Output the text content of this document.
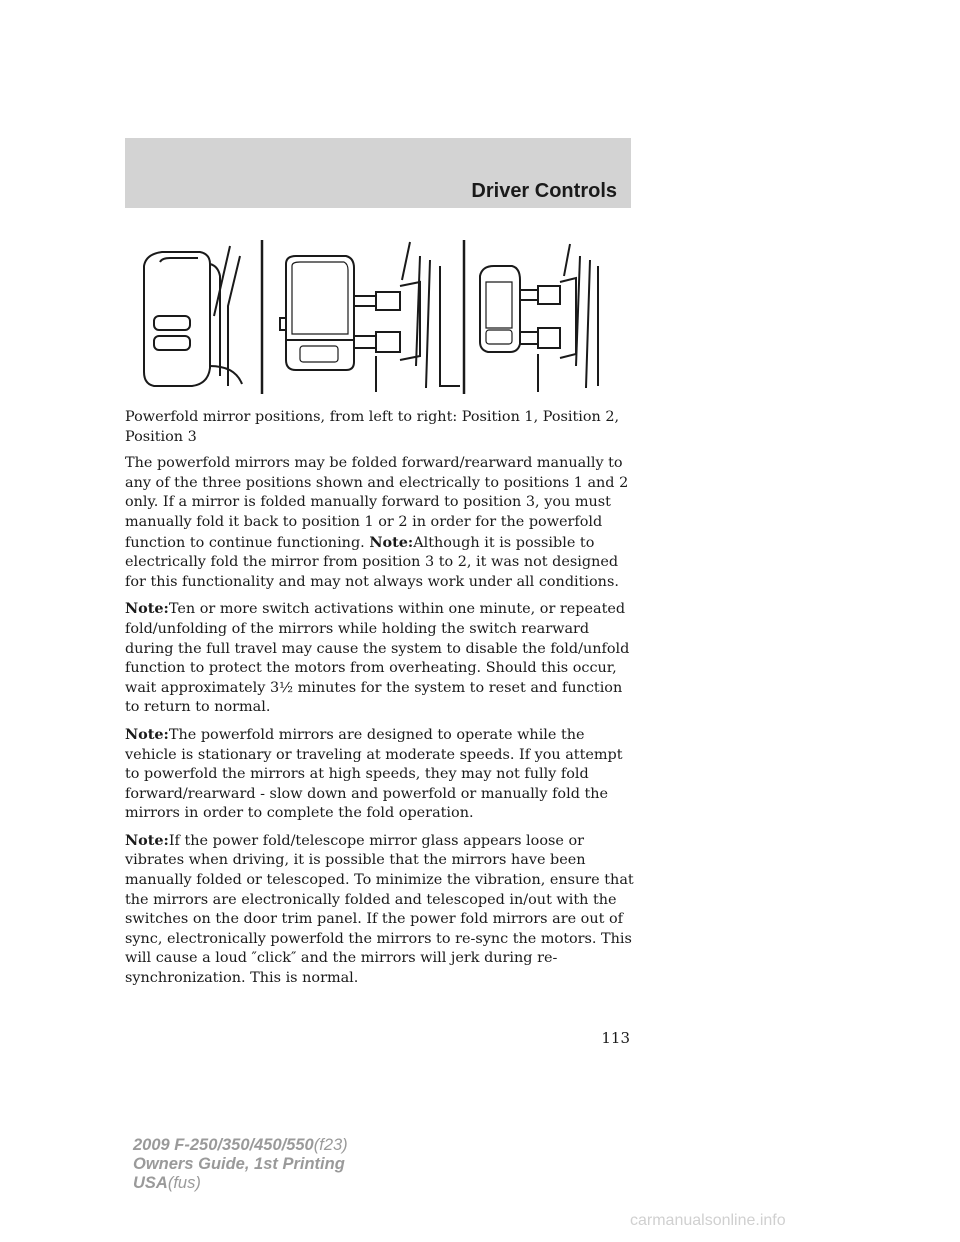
Driver Controls

Powerfold mirror positions, from left to right: Position 1, Position 2, Position 3

The powerfold mirrors may be folded forward/rearward manually to any of the three positions shown and electrically to positions 1 and 2 only. If a mirror is folded manually forward to position 3, you must manually fold it back to position 1 or 2 in order for the powerfold function to continue functioning. Note:Although it is possible to electrically fold the mirror from position 3 to 2, it was not designed for this functionality and may not always work under all conditions.

Note:Ten or more switch activations within one minute, or repeated fold/unfolding of the mirrors while holding the switch rearward during the full travel may cause the system to disable the fold/unfold function to protect the motors from overheating. Should this occur, wait approximately 3½ minutes for the system to reset and function to return to normal.

Note:The powerfold mirrors are designed to operate while the vehicle is stationary or traveling at moderate speeds. If you attempt to powerfold the mirrors at high speeds, they may not fully fold forward/rearward - slow down and powerfold or manually fold the mirrors in order to complete the fold operation.

Note:If the power fold/telescope mirror glass appears loose or vibrates when driving, it is possible that the mirrors have been manually folded or telescoped. To minimize the vibration, ensure that the mirrors are electronically folded and telescoped in/out with the switches on the door trim panel. If the power fold mirrors are out of sync, electronically powerfold the mirrors to re-sync the motors. This will cause a loud ″click″ and the mirrors will jerk during re-synchronization. This is normal.

113
2009 F-250/350/450/550(f23)
Owners Guide, 1st Printing
USA(fus)
carmanualsonline.info
